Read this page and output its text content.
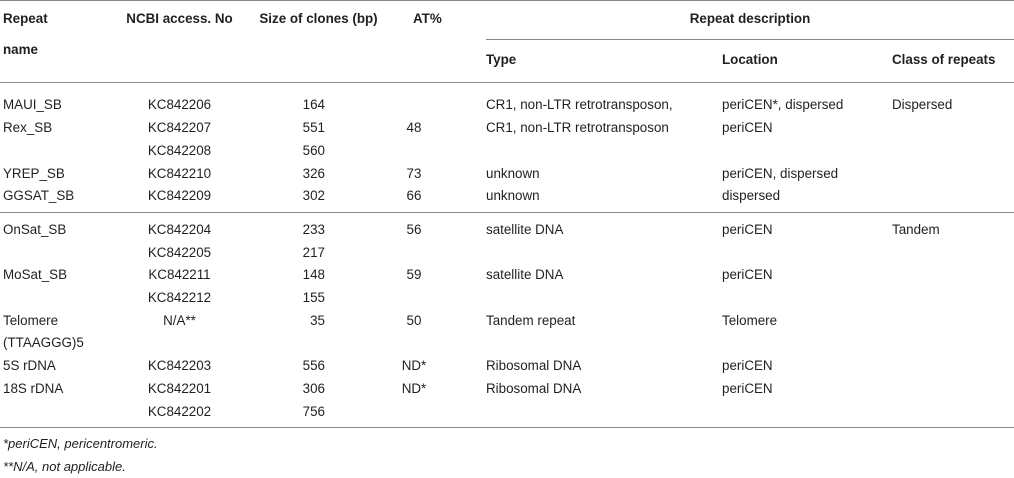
Repeat	NCBI access. No	Size of clones (bp)	AT%	Repeat description		
name				Type	Location	Class of repeats
MAUI_SB	KC842206	164		CR1, non-LTR retrotransposon,	periCEN*, dispersed	Dispersed
Rex_SB	KC842207	551	48	CR1, non-LTR retrotransposon	periCEN	
	KC842208	560				
YREP_SB	KC842210	326	73	unknown	periCEN, dispersed	
GGSAT_SB	KC842209	302	66	unknown	dispersed	
OnSat_SB	KC842204	233	56	satellite DNA	periCEN	Tandem
	KC842205	217				
MoSat_SB	KC842211	148	59	satellite DNA	periCEN	
	KC842212	155				
Telomere	N/A**	35	50	Tandem repeat	Telomere	
(TTAAGGG)5						
5S rDNA	KC842203	556	ND*	Ribosomal DNA	periCEN	
18S rDNA	KC842201	306	ND*	Ribosomal DNA	periCEN	
	KC842202	756				

*periCEN, pericentromeric.
**N/A, not applicable.
